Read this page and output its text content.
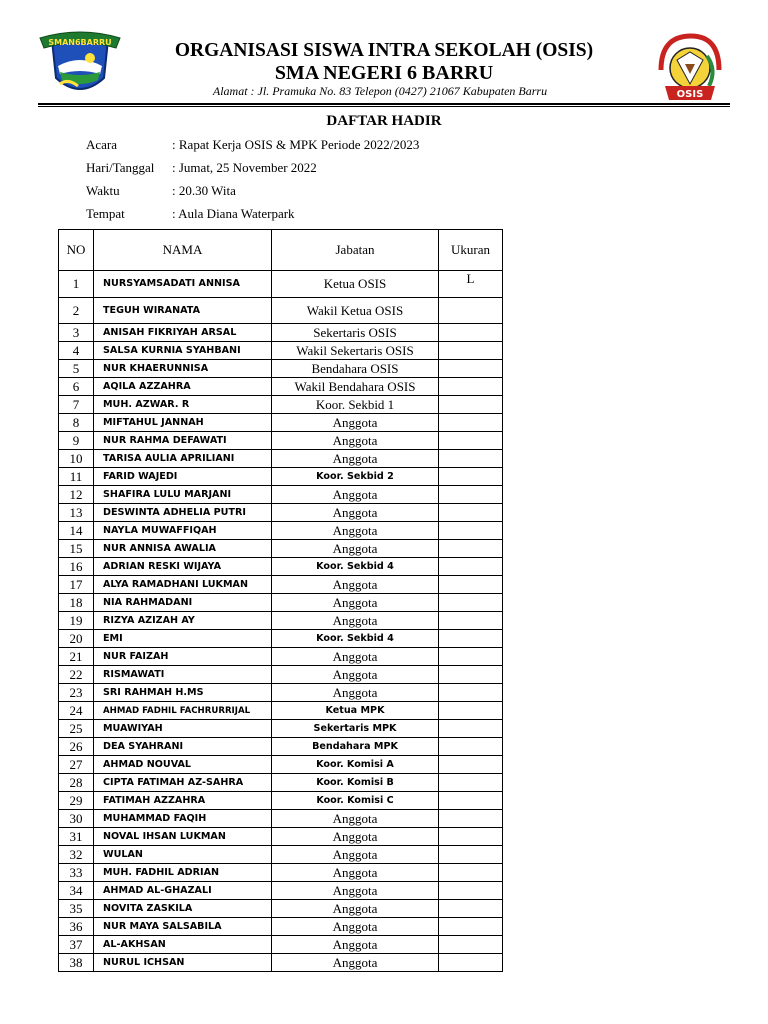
SMAN6BARRU	ORGANISASI SISWA INTRA SEKOLAH (OSIS)
SMA NEGERI 6 BARRU
Alamat : Jl. Pramuka No. 83 Telepon (0427) 21067 Kabupaten Barru	OSIS
DAFTAR HADIR
Acara	: Rapat Kerja OSIS & MPK Periode 2022/2023
Hari/Tanggal : Jumat, 25 November 2022
Waktu	: 20.30 Wita
Tempat	: Aula Diana Waterpark
NO	NAMA	Jabatan	Ukuran
1	NURSYAMSADATI ANNISA	Ketua OSIS	L
2	TEGUH WIRANATA	Wakil Ketua OSIS	
3	ANISAH FIKRIYAH ARSAL	Sekertaris OSIS	
4	SALSA KURNIA SYAHBANI	Wakil Sekertaris OSIS	
5	NUR KHAERUNNISA	Bendahara OSIS	
6	AQILA AZZAHRA	Wakil Bendahara OSIS	
7	MUH. AZWAR. R	Koor. Sekbid 1	
8	MIFTAHUL JANNAH	Anggota	
9	NUR RAHMA DEFAWATI	Anggota	
10	TARISA AULIA APRILIANI	Anggota	
11	FARID WAJEDI	Koor. Sekbid 2	
12	SHAFIRA LULU MARJANI	Anggota	
13	DESWINTA ADHELIA PUTRI	Anggota	
14	NAYLA MUWAFFIQAH	Anggota	
15	NUR ANNISA AWALIA	Anggota	
16	ADRIAN RESKI WIJAYA	Koor. Sekbid 4	
17	ALYA RAMADHANI LUKMAN	Anggota	
18	NIA RAHMADANI	Anggota	
19	RIZYA AZIZAH AY	Anggota	
20	EMI	Koor. Sekbid 4	
21	NUR FAIZAH	Anggota	
22	RISMAWATI	Anggota	
23	SRI RAHMAH H.MS	Anggota	
24	AHMAD FADHIL FACHRURRIJAL	Ketua MPK	
25	MUAWIYAH	Sekertaris MPK	
26	DEA SYAHRANI	Bendahara MPK	
27	AHMAD NOUVAL	Koor. Komisi A	
28	CIPTA FATIMAH AZ-SAHRA	Koor. Komisi B	
29	FATIMAH AZZAHRA	Koor. Komisi C	
30	MUHAMMAD FAQIH	Anggota	
31	NOVAL IHSAN LUKMAN	Anggota	
32	WULAN	Anggota	
33	MUH. FADHIL ADRIAN	Anggota	
34	AHMAD AL-GHAZALI	Anggota	
35	NOVITA ZASKILA	Anggota	
36	NUR MAYA SALSABILA	Anggota	
37	AL-AKHSAN	Anggota	
38	NURUL ICHSAN	Anggota	
